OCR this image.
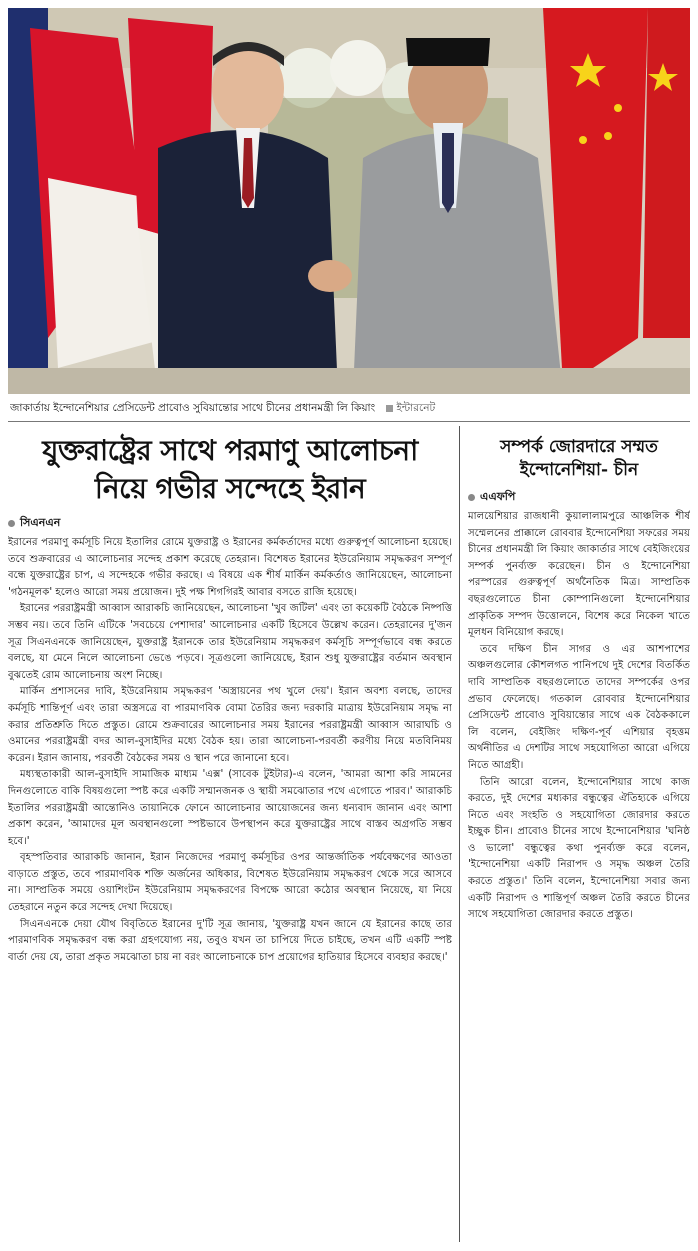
জাকার্তায় ইন্দোনেশিয়ার প্রেসিডেন্ট প্রাবোও সুবিয়ান্তোর সাথে চীনের প্রধানমন্ত্রী লি কিয়াং ইন্টারনেট
যুক্তরাষ্ট্রের সাথে পরমাণু আলোচনা
নিয়ে গভীর সন্দেহে ইরান
সিএনএন

ইরানের পরমাণু কর্মসূচি নিয়ে ইতালির রোমে যুক্তরাষ্ট্র ও ইরানের কর্মকর্তাদের মধ্যে গুরুত্বপূর্ণ আলোচনা হয়েছে। তবে শুক্রবারের এ আলোচনার সন্দেহ প্রকাশ করেছে তেহরান। বিশেষত ইরানের ইউরেনিয়াম সমৃদ্ধকরণ সম্পূর্ণ বন্ধে যুক্তরাষ্ট্রের চাপ, এ সন্দেহকে গভীর করছে। এ বিষয়ে এক শীর্ষ মার্কিন কর্মকর্তাও জানিয়েছেন, আলোচনা 'গঠনমূলক' হলেও আরো সময় প্রয়োজন। দুই পক্ষ শিগগিরই আবার বসতে রাজি হয়েছে।

ইরানের পররাষ্ট্রমন্ত্রী আব্বাস আরাকচি জানিয়েছেন, আলোচনা 'খুব জটিল' এবং তা কয়েকটি বৈঠকে নিষ্পত্তি সম্ভব নয়। তবে তিনি এটিকে 'সবচেয়ে পেশাদার' আলোচনার একটি হিসেবে উল্লেখ করেন। তেহরানের দু'জন সূত্র সিএনএনকে জানিয়েছেন, যুক্তরাষ্ট্র ইরানকে তার ইউরেনিয়াম সমৃদ্ধকরণ কর্মসূচি সম্পূর্ণভাবে বন্ধ করতে বলছে, যা মেনে নিলে আলোচনা ভেঙে পড়বে। সূত্রগুলো জানিয়েছে, ইরান শুধু যুক্তরাষ্ট্রের বর্তমান অবস্থান বুঝতেই রোম আলোচনায় অংশ নিচ্ছে।

মার্কিন প্রশাসনের দাবি, ইউরেনিয়াম সমৃদ্ধকরণ 'অস্ত্রায়নের পথ খুলে দেয়'। ইরান অবশ্য বলছে, তাদের কর্মসূচি শান্তিপূর্ণ এবং তারা অস্ত্রসত্রে বা পারমাণবিক বোমা তৈরির জন্য দরকারি মাত্রায় ইউরেনিয়াম সমৃদ্ধ না করার প্রতিশ্রুতি দিতে প্রস্তুত। রোমে শুক্রবারের আলোচনার সময় ইরানের পররাষ্ট্রমন্ত্রী আব্বাস আরাঘচি ও ওমানের পররাষ্ট্রমন্ত্রী বদর আল-বুসাইদির মধ্যে বৈঠক হয়। তারা আলোচনা-পরবর্তী করণীয় নিয়ে মতবিনিময় করেন। ইরান জানায়, পরবর্তী বৈঠকের সময় ও স্থান পরে জানানো হবে।

মধ্যস্থতাকারী আল-বুসাইদি সামাজিক মাধ্যম 'এক্স' (সাবেক টুইটার)-এ বলেন, 'আমরা আশা করি সামনের দিনগুলোতে বাকি বিষয়গুলো স্পষ্ট করে একটি সম্মানজনক ও স্থায়ী সমঝোতার পথে এগোতে পারব।' আরাকচি ইতালির পররাষ্ট্রমন্ত্রী আন্তোনিও তায়ানিকে ফোনে আলোচনার আয়োজনের জন্য ধন্যবাদ জানান এবং আশা প্রকাশ করেন, 'আমাদের মূল অবস্থানগুলো স্পষ্টভাবে উপস্থাপন করে যুক্তরাষ্ট্রের সাথে বাস্তব অগ্রগতি সম্ভব হবে।'

বৃহস্পতিবার আরাকচি জানান, ইরান নিজেদের পরমাণু কর্মসূচির ওপর আন্তর্জাতিক পর্যবেক্ষণের আওতা বাড়াতে প্রস্তুত, তবে পারমাণবিক শক্তি অর্জনের অধিকার, বিশেষত ইউরেনিয়াম সমৃদ্ধকরণ থেকে সরে আসবে না। সাম্প্রতিক সময়ে ওয়াশিংটন ইউরেনিয়াম সমৃদ্ধকরণের বিপক্ষে আরো কঠোর অবস্থান নিয়েছে, যা নিয়ে তেহরানে নতুন করে সন্দেহ দেখা দিয়েছে।

সিএনএনকে দেয়া যৌথ বিবৃতিতে ইরানের দু'টি সূত্র জানায়, 'যুক্তরাষ্ট্র যখন জানে যে ইরানের কাছে তার পারমাণবিক সমৃদ্ধকরণ বন্ধ করা গ্রহণযোগ্য নয়, তবুও যখন তা চাপিয়ে দিতে চাইছে, তখন এটি একটি স্পষ্ট বার্তা দেয় যে, তারা প্রকৃত সমঝোতা চায় না বরং আলোচনাকে চাপ প্রয়োগের হাতিয়ার হিসেবে ব্যবহার করছে।'

সম্পর্ক জোরদারে সম্মত
ইন্দোনেশিয়া- চীন
এএফপি

মালয়েশিয়ার রাজধানী কুয়ালালামপুরে আঞ্চলিক শীর্ষ সম্মেলনের প্রাক্কালে রোববার ইন্দোনেশিয়া সফরের সময় চীনের প্রধানমন্ত্রী লি কিয়াং জাকার্তার সাথে বেইজিংয়ের সম্পর্ক পুনর্ব্যক্ত করেছেন। চীন ও ইন্দোনেশিয়া পরস্পরের গুরুত্বপূর্ণ অর্থনৈতিক মিত্র। সাম্প্রতিক বছরগুলোতে চীনা কোম্পানিগুলো ইন্দোনেশিয়ার প্রাকৃতিক সম্পদ উত্তোলনে, বিশেষ করে নিকেল খাতে মূলধন বিনিয়োগ করছে।

তবে দক্ষিণ চীন সাগর ও এর আশপাশের অঞ্চলগুলোর কৌশলগত পানিপথে দুই দেশের বিতর্কিত দাবি সাম্প্রতিক বছরগুলোতে তাদের সম্পর্কের ওপর প্রভাব ফেলেছে। গতকাল রোববার ইন্দোনেশিয়ার প্রেসিডেন্ট প্রাবোও সুবিয়ান্তোর সাথে এক বৈঠককালে লি বলেন, বেইজিং দক্ষিণ-পূর্ব এশিয়ার বৃহত্তম অর্থনীতির এ দেশটির সাথে সহযোগিতা আরো এগিয়ে নিতে আগ্রহী।

তিনি আরো বলেন, ইন্দোনেশিয়ার সাথে কাজ করতে, দুই দেশের মধ্যকার বন্ধুত্বের ঐতিহ্যকে এগিয়ে নিতে এবং সংহতি ও সহযোগিতা জোরদার করতে ইচ্ছুক চীন। প্রাবোও চীনের সাথে ইন্দোনেশিয়ার 'ঘনিষ্ঠ ও ভালো' বন্ধুত্বের কথা পুনর্ব্যক্ত করে বলেন, 'ইন্দোনেশিয়া একটি নিরাপদ ও সমৃদ্ধ অঞ্চল তৈরি করতে প্রস্তুত।' তিনি বলেন, ইন্দোনেশিয়া সবার জন্য একটি নিরাপদ ও শান্তিপূর্ণ অঞ্চল তৈরি করতে চীনের সাথে সহযোগিতা জোরদার করতে প্রস্তুত।
